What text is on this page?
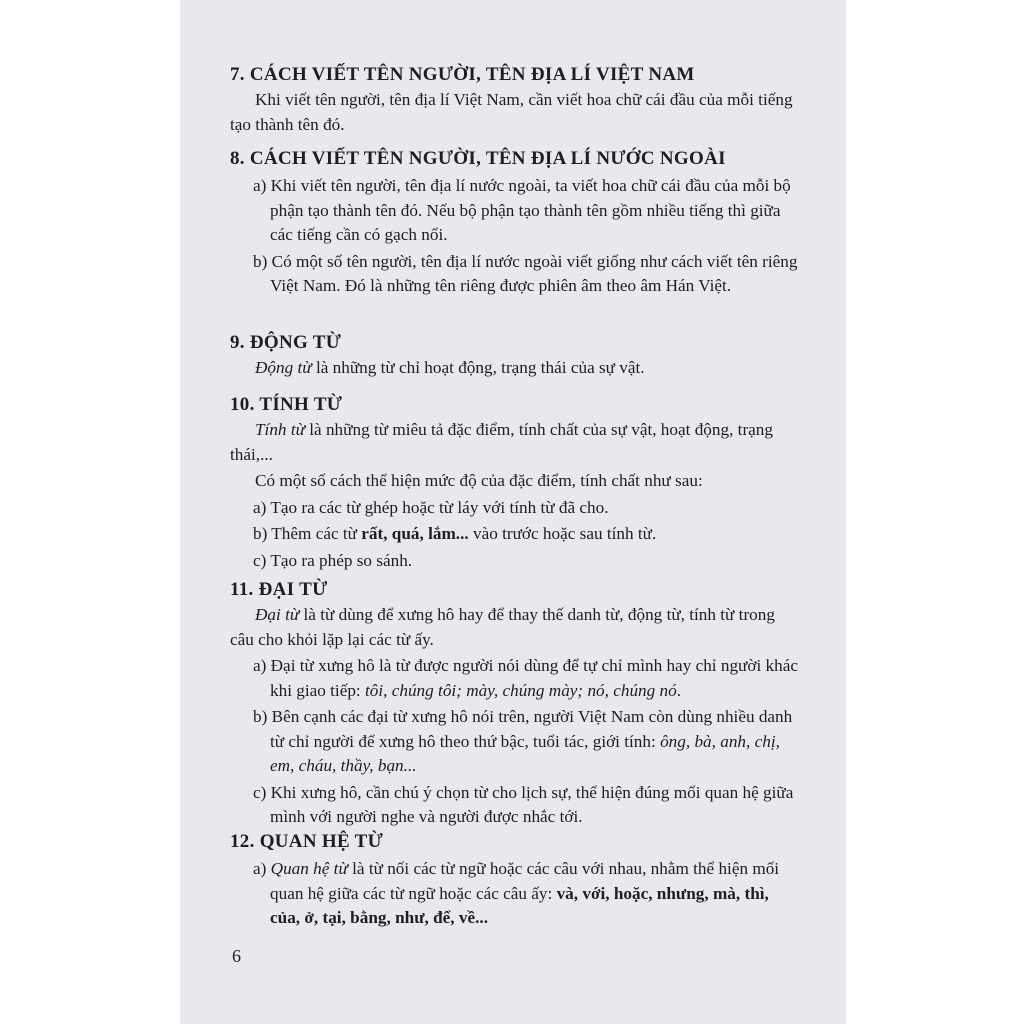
7. CÁCH VIẾT TÊN NGƯỜI, TÊN ĐỊA LÍ VIỆT NAM

Khi viết tên người, tên địa lí Việt Nam, cần viết hoa chữ cái đầu của mỗi tiếng tạo thành tên đó.

8. CÁCH VIẾT TÊN NGƯỜI, TÊN ĐỊA LÍ NƯỚC NGOÀI

a) Khi viết tên người, tên địa lí nước ngoài, ta viết hoa chữ cái đầu của mỗi bộ phận tạo thành tên đó. Nếu bộ phận tạo thành tên gồm nhiều tiếng thì giữa các tiếng cần có gạch nối.

b) Có một số tên người, tên địa lí nước ngoài viết giống như cách viết tên riêng Việt Nam. Đó là những tên riêng được phiên âm theo âm Hán Việt.

9. ĐỘNG TỪ

Động từ là những từ chỉ hoạt động, trạng thái của sự vật.

10. TÍNH TỪ

Tính từ là những từ miêu tả đặc điểm, tính chất của sự vật, hoạt động, trạng thái,...

Có một số cách thể hiện mức độ của đặc điểm, tính chất như sau:

a) Tạo ra các từ ghép hoặc từ láy với tính từ đã cho.

b) Thêm các từ rất, quá, lắm... vào trước hoặc sau tính từ.

c) Tạo ra phép so sánh.

11. ĐẠI TỪ

Đại từ là từ dùng để xưng hô hay để thay thế danh từ, động từ, tính từ trong câu cho khỏi lặp lại các từ ấy.

a) Đại từ xưng hô là từ được người nói dùng để tự chỉ mình hay chỉ người khác khi giao tiếp: tôi, chúng tôi; mày, chúng mày; nó, chúng nó.

b) Bên cạnh các đại từ xưng hô nói trên, người Việt Nam còn dùng nhiều danh từ chỉ người để xưng hô theo thứ bậc, tuổi tác, giới tính: ông, bà, anh, chị, em, cháu, thầy, bạn...

c) Khi xưng hô, cần chú ý chọn từ cho lịch sự, thể hiện đúng mối quan hệ giữa mình với người nghe và người được nhắc tới.

12. QUAN HỆ TỪ

a) Quan hệ từ là từ nối các từ ngữ hoặc các câu với nhau, nhằm thể hiện mối quan hệ giữa các từ ngữ hoặc các câu ấy: và, với, hoặc, nhưng, mà, thì, của, ở, tại, bằng, như, để, về...

6
